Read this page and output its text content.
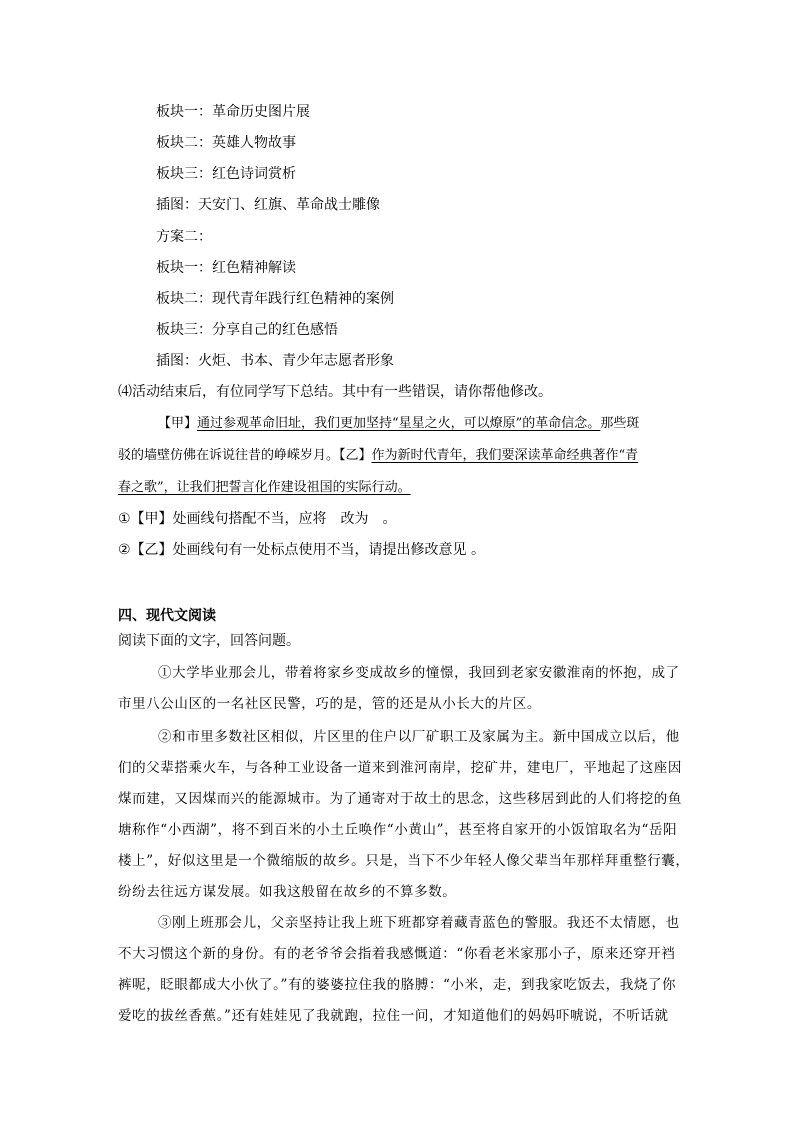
板块一：革命历史图片展
板块二：英雄人物故事
板块三：红色诗词赏析
插图：天安门、红旗、革命战士雕像
方案二：
板块一：红色精神解读
板块二：现代青年践行红色精神的案例
板块三：分享自己的红色感悟
插图：火炬、书本、青少年志愿者形象
⑷活动结束后，有位同学写下总结。其中有一些错误，请你帮他修改。
【甲】通过参观革命旧址，我们更加坚持“星星之火，可以燎原”的革命信念。那些斑
驳的墙壁仿佛在诉说往昔的峥嵘岁月。【乙】作为新时代青年，我们要深读革命经典著作“青
春之歌”，让我们把誓言化作建设祖国的实际行动。
①【甲】处画线句搭配不当，应将　改为　。
②【乙】处画线句有一处标点使用不当，请提出修改意见 。
四、现代文阅读
阅读下面的文字，回答问题。
①大学毕业那会儿，带着将家乡变成故乡的憧憬，我回到老家安徽淮南的怀抱，成了
市里八公山区的一名社区民警，巧的是，管的还是从小长大的片区。
②和市里多数社区相似，片区里的住户以厂矿职工及家属为主。新中国成立以后，他
们的父辈搭乘火车，与各种工业设备一道来到淮河南岸，挖矿井，建电厂，平地起了这座因
煤而建，又因煤而兴的能源城市。为了通寄对于故土的思念，这些移居到此的人们将挖的鱼
塘称作“小西湖”，将不到百米的小土丘唤作“小黄山”，甚至将自家开的小饭馆取名为“岳阳
楼上”，好似这里是一个微缩版的故乡。只是，当下不少年轻人像父辈当年那样拜重整行囊，
纷纷去往远方谋发展。如我这般留在故乡的不算多数。
③刚上班那会儿，父亲坚持让我上班下班都穿着藏青蓝色的警服。我还不太情愿，也
不大习惯这个新的身份。有的老爷爷会指着我感慨道：“你看老米家那小子，原来还穿开裆
裤呢，眨眼都成大小伙了。”有的婆婆拉住我的胳膊：“小米，走，到我家吃饭去，我烧了你
爱吃的拔丝香蕉。”还有娃娃见了我就跑，拉住一问，才知道他们的妈妈吓唬说，不听话就
